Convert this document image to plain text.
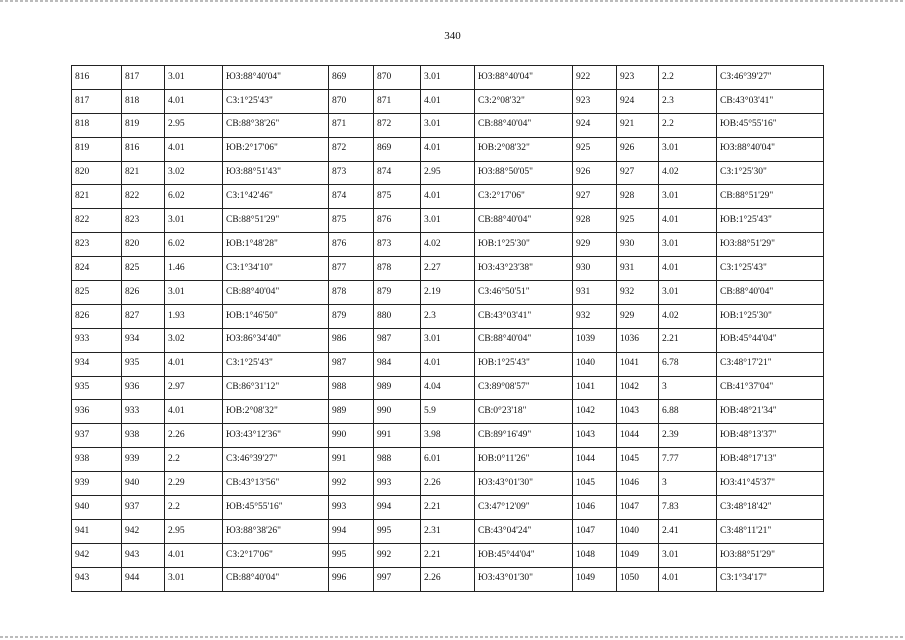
340
816	817	3.01	ЮЗ:88°40'04"	869	870	3.01	ЮЗ:88°40'04"	922	923	2.2	СЗ:46°39'27"
817	818	4.01	СЗ:1°25'43"	870	871	4.01	СЗ:2°08'32"	923	924	2.3	СВ:43°03'41"
818	819	2.95	СВ:88°38'26"	871	872	3.01	СВ:88°40'04"	924	921	2.2	ЮВ:45°55'16"
819	816	4.01	ЮВ:2°17'06"	872	869	4.01	ЮВ:2°08'32"	925	926	3.01	ЮЗ:88°40'04"
820	821	3.02	ЮЗ:88°51'43"	873	874	2.95	ЮЗ:88°50'05"	926	927	4.02	СЗ:1°25'30"
821	822	6.02	СЗ:1°42'46"	874	875	4.01	СЗ:2°17'06"	927	928	3.01	СВ:88°51'29"
822	823	3.01	СВ:88°51'29"	875	876	3.01	СВ:88°40'04"	928	925	4.01	ЮВ:1°25'43"
823	820	6.02	ЮВ:1°48'28"	876	873	4.02	ЮВ:1°25'30"	929	930	3.01	ЮЗ:88°51'29"
824	825	1.46	СЗ:1°34'10"	877	878	2.27	ЮЗ:43°23'38"	930	931	4.01	СЗ:1°25'43"
825	826	3.01	СВ:88°40'04"	878	879	2.19	СЗ:46°50'51"	931	932	3.01	СВ:88°40'04"
826	827	1.93	ЮВ:1°46'50"	879	880	2.3	СВ:43°03'41"	932	929	4.02	ЮВ:1°25'30"
933	934	3.02	ЮЗ:86°34'40"	986	987	3.01	СВ:88°40'04"	1039	1036	2.21	ЮВ:45°44'04"
934	935	4.01	СЗ:1°25'43"	987	984	4.01	ЮВ:1°25'43"	1040	1041	6.78	СЗ:48°17'21"
935	936	2.97	СВ:86°31'12"	988	989	4.04	СЗ:89°08'57"	1041	1042	3	СВ:41°37'04"
936	933	4.01	ЮВ:2°08'32"	989	990	5.9	СВ:0°23'18"	1042	1043	6.88	ЮВ:48°21'34"
937	938	2.26	ЮЗ:43°12'36"	990	991	3.98	СВ:89°16'49"	1043	1044	2.39	ЮВ:48°13'37"
938	939	2.2	СЗ:46°39'27"	991	988	6.01	ЮВ:0°11'26"	1044	1045	7.77	ЮВ:48°17'13"
939	940	2.29	СВ:43°13'56"	992	993	2.26	ЮЗ:43°01'30"	1045	1046	3	ЮЗ:41°45'37"
940	937	2.2	ЮВ:45°55'16"	993	994	2.21	СЗ:47°12'09"	1046	1047	7.83	СЗ:48°18'42"
941	942	2.95	ЮЗ:88°38'26"	994	995	2.31	СВ:43°04'24"	1047	1040	2.41	СЗ:48°11'21"
942	943	4.01	СЗ:2°17'06"	995	992	2.21	ЮВ:45°44'04"	1048	1049	3.01	ЮЗ:88°51'29"
943	944	3.01	СВ:88°40'04"	996	997	2.26	ЮЗ:43°01'30"	1049	1050	4.01	СЗ:1°34'17"
